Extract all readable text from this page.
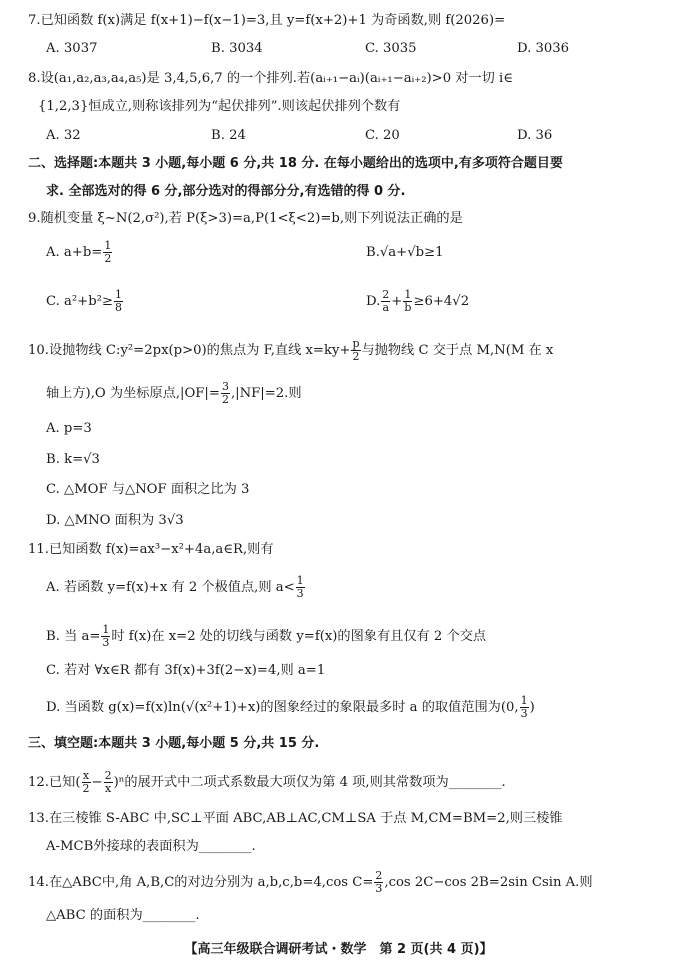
7.已知函数 f(x)满足 f(x+1)−f(x−1)=3,且 y=f(x+2)+1 为奇函数,则 f(2026)=
A. 3037	B. 3034	C. 3035	D. 3036
8.设(a₁,a₂,a₃,a₄,a₅)是 3,4,5,6,7 的一个排列.若(aᵢ₊₁−aᵢ)(aᵢ₊₁−aᵢ₊₂)>0 对一切 i∈
{1,2,3}恒成立,则称该排列为“起伏排列”.则该起伏排列个数有
A. 32	B. 24	C. 20	D. 36
二、选择题:本题共 3 小题,每小题 6 分,共 18 分. 在每小题给出的选项中,有多项符合题目要
求. 全部选对的得 6 分,部分选对的得部分分,有选错的得 0 分.
9.随机变量 ξ~N(2,σ²),若 P(ξ>3)=a,P(1<ξ<2)=b,则下列说法正确的是
A. $a+b= \frac{1}{2}$	B.√a+√b≥1
C. $a^2+b^2\ge \frac{1}{8}$	D. $\frac{2}{a} + \frac{1}{b} \ge 6+4√2$
10.设抛物线 C:y²=2px(p>0)的焦点为 F,直线 $x=ky+ \frac{p}{2}$ 与抛物线 C 交于点 M,N(M 在 x
轴上方),O 为坐标原点$,|OF|= \frac{3}{2} ,|NF|=2$.则
A. p=3
B. k=√3
C. △MOF 与△NOF 面积之比为 3
D. △MNO 面积为 3√3
11.已知函数 f(x)=ax³−x²+4a,a∈R,则有
A. 若函数 y=f(x)+x 有 2 个极值点,则 $a< \frac{1}{3}$
B. 当 $a= \frac{1}{3}$ 时 f(x)在 x=2 处的切线与函数 y=f(x)的图象有且仅有 2 个交点
C. 若对 ∀x∈R 都有 3f(x)+3f(2−x)=4,则 a=1
D. 当函数 g(x)=f(x)ln(√(x²+1)+x)的图象经过的象限最多时 a 的取值范围为(0, $\frac{1}{3}$ )
三、填空题:本题共 3 小题,每小题 5 分,共 15 分.
12.已知( $\frac{x}{2} - \frac{2}{x} )^n$的展开式中二项式系数最大项仅为第 4 项,则其常数项为________.
13.在三棱锥 S-ABC 中,SC⊥平面 ABC,AB⊥AC,CM⊥SA 于点 M,CM=BM=2,则三棱锥
A-MCB外接球的表面积为________.
14.在△ABC中,角 A,B,C的对边分别为 a,b,c,b=4,cos $C= \frac{2}{3} ,\cos$ 2C−cos 2B=2sin Csin A.则
△ABC 的面积为________.
【高三年级联合调研考试・数学　第 2 页(共 4 页)】
